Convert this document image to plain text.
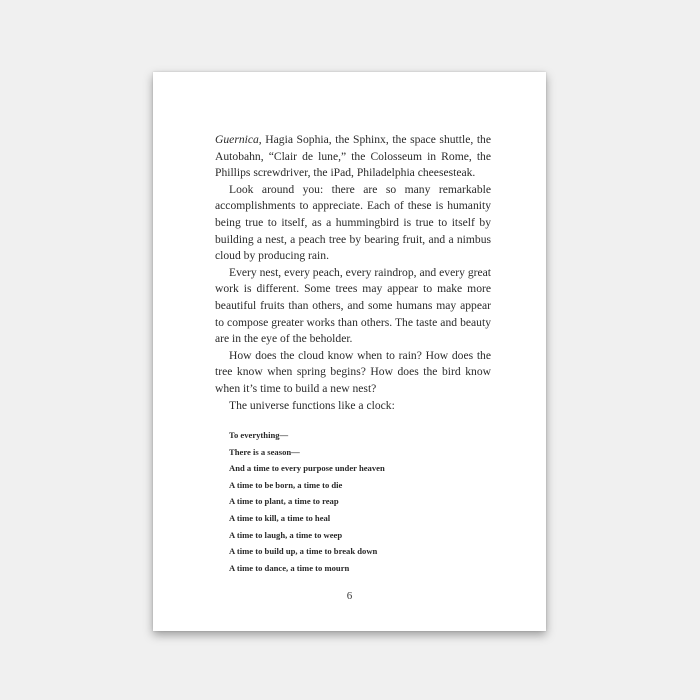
Guernica, Hagia Sophia, the Sphinx, the space shuttle, the Autobahn, “Clair de lune,” the Colosseum in Rome, the Phillips screwdriver, the iPad, Philadelphia cheesesteak.

Look around you: there are so many remarkable accomplishments to appreciate. Each of these is humanity being true to itself, as a hummingbird is true to itself by building a nest, a peach tree by bearing fruit, and a nimbus cloud by producing rain.

Every nest, every peach, every raindrop, and every great work is different. Some trees may appear to make more beautiful fruits than others, and some humans may appear to compose greater works than others. The taste and beauty are in the eye of the beholder.

How does the cloud know when to rain? How does the tree know when spring begins? How does the bird know when it’s time to build a new nest?

The universe functions like a clock:

To everything—
There is a season—
And a time to every purpose under heaven
A time to be born, a time to die
A time to plant, a time to reap
A time to kill, a time to heal
A time to laugh, a time to weep
A time to build up, a time to break down
A time to dance, a time to mourn
6
